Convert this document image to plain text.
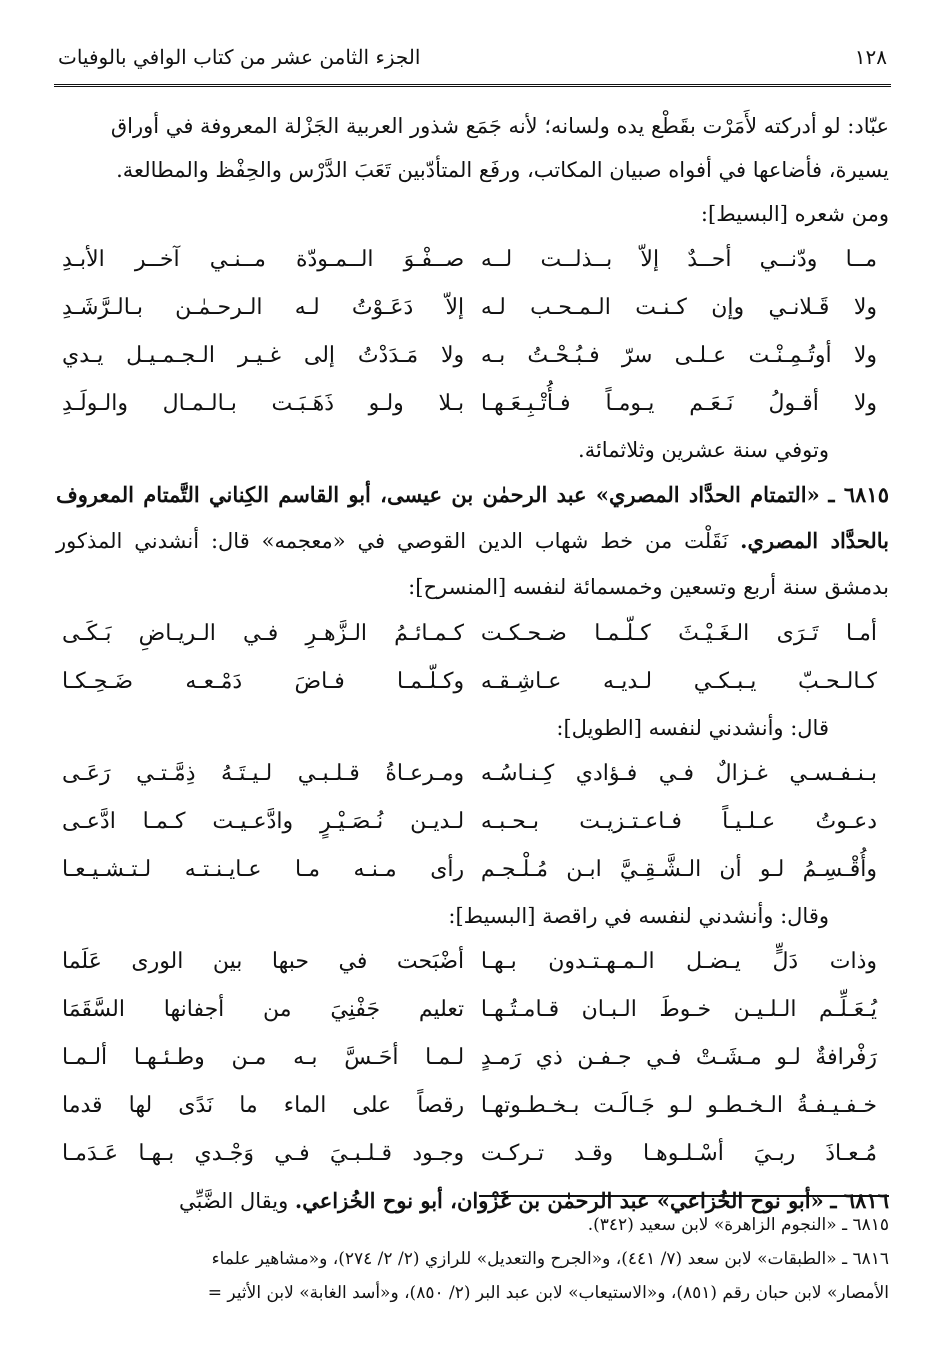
١٢٨
الجزء الثامن عشر من كتاب الوافي بالوفيات

عبّاد: لو أدركته لأَمَرْت بقَطْع يده ولسانه؛ لأنه جَمَع شذور العربية الجَزْلة المعروفة في أوراق

يسيرة، فأضاعها في أفواه صبيان المكاتب، ورفَع المتأدّبين تَعَبَ الدَّرْس والحِفْظ والمطالعة.

ومن شعره [البسيط]:

مــا ودّنــي أحــدٌ إلاّ بــذلــت لــه
صــفْـوَ الــمـودّة مــنـي آخــر الأبـدِ
ولا قَـلانـي وإن كـنـت الـمـحـب لـه
إلاّ دَعَـوْتُ لـه الـرحـمٰـن بـالـرَّشَـدِ
ولا أوتُـمِـنْـت عـلـى سرّ فـبُـحْـتُ بـه
ولا مَـدَدْتُ إلى غـيـر الـجـمـيـل يـدي
ولا أقـولُ نَـعَـم يـومـاً فـأُتْـبِـعَـهـا
بـلا ولـو ذَهَـبَـت بـالـمـال والـولَـدِ

وتوفي سنة عشرين وثلاثمائة.

٦٨١٥ ـ «التمتام الحدَّاد المصري» عبد الرحمٰن بن عيسى، أبو القاسم الكِناني التَّمتام المعروف بالحدَّاد المصري. نَقَلْت من خط شهاب الدين القوصي في «معجمه» قال: أنشدني المذكور بدمشق سنة أربع وتسعين وخمسمائة لنفسه [المنسرح]:

أمـا تَـرَى الـغَـيْـثَ كـلّـمـا ضـحـكـت
كـمـائـمُ الـزَّهـرِ فـي الـريـاضِ بَـكَـى
كـالـحـبّ يـبـكـي لـديـه عـاشِـقـه
وكـلّـمـا فـاضَ دَمْـعـه ضَـحِـكـا

قال: وأنشدني لنفسه [الطويل]:

بـنـفـسـي غـزالٌ فـي فـؤادي كِـنـاسُـه
ومـرعـاةُ قـلـبـي لـيـتَـهُ ذِمَّـتـي رَعَـى
دعـوتُ عـلـيـاً فـاعـتـزيـت بـحـبـه
لـديـن نُـصَـيْـرٍ وادَّعـيـت كـمـا ادَّعـى
وأُقْـسِـمُ لـو أن الـشَّـقِـيَّ ابـن مُـلْـجـم
رأى مـنـه مـا عـايـنـتـه لـتـشـيـعـا

وقال: وأنشدني لنفسه في راقصة [البسيط]:

وذات دَلٍّ يـضـل الـمـهـتـدون بـهـا
أضْبَحت في حبها بين الورى عَلَما
يُـعَـلِّـم الـلـيـن خـوطَ الـبـان قـامـتُـهـا
تعليم جَفْنِيَ من أجفانها السَّقَمَا
رَفْرافةٌ لـو مـشَـتْ فـي جـفـن ذي رَمـدٍ
لـمـا أحَـسَّ بـه مـن وطـئـهـا ألـمـا
خـفـيـفـةُ الـخـطـو لـو جَـالَـت بـخـطـوتهـا
رقصاً على الماء ما نَدًى لها قدما
مُـعـاذَ ربـيَ أسْـلـوهـا وقـد تـركـت
وجـود قـلـبـيَ فـي وَجْـدي بـهـا عَـدَمـا

٦٨١٦ ـ «أبو نوح الخُزاعي» عبد الرحمٰن بن غَزْوان، أبو نوح الخُزاعي. ويقال الضَّبِّي

٦٨١٥ ـ «النجوم الزاهرة» لابن سعيد (٣٤٢).

٦٨١٦ ـ «الطبقات» لابن سعد (٧/ ٤٤١)، و«الجرح والتعديل» للرازي (٢/ ٢/ ٢٧٤)، و«مشاهير علماء

الأمصار» لابن حبان رقم (٨٥١)، و«الاستيعاب» لابن عبد البر (٢/ ٨٥٠)، و«أسد الغابة» لابن الأثير =
